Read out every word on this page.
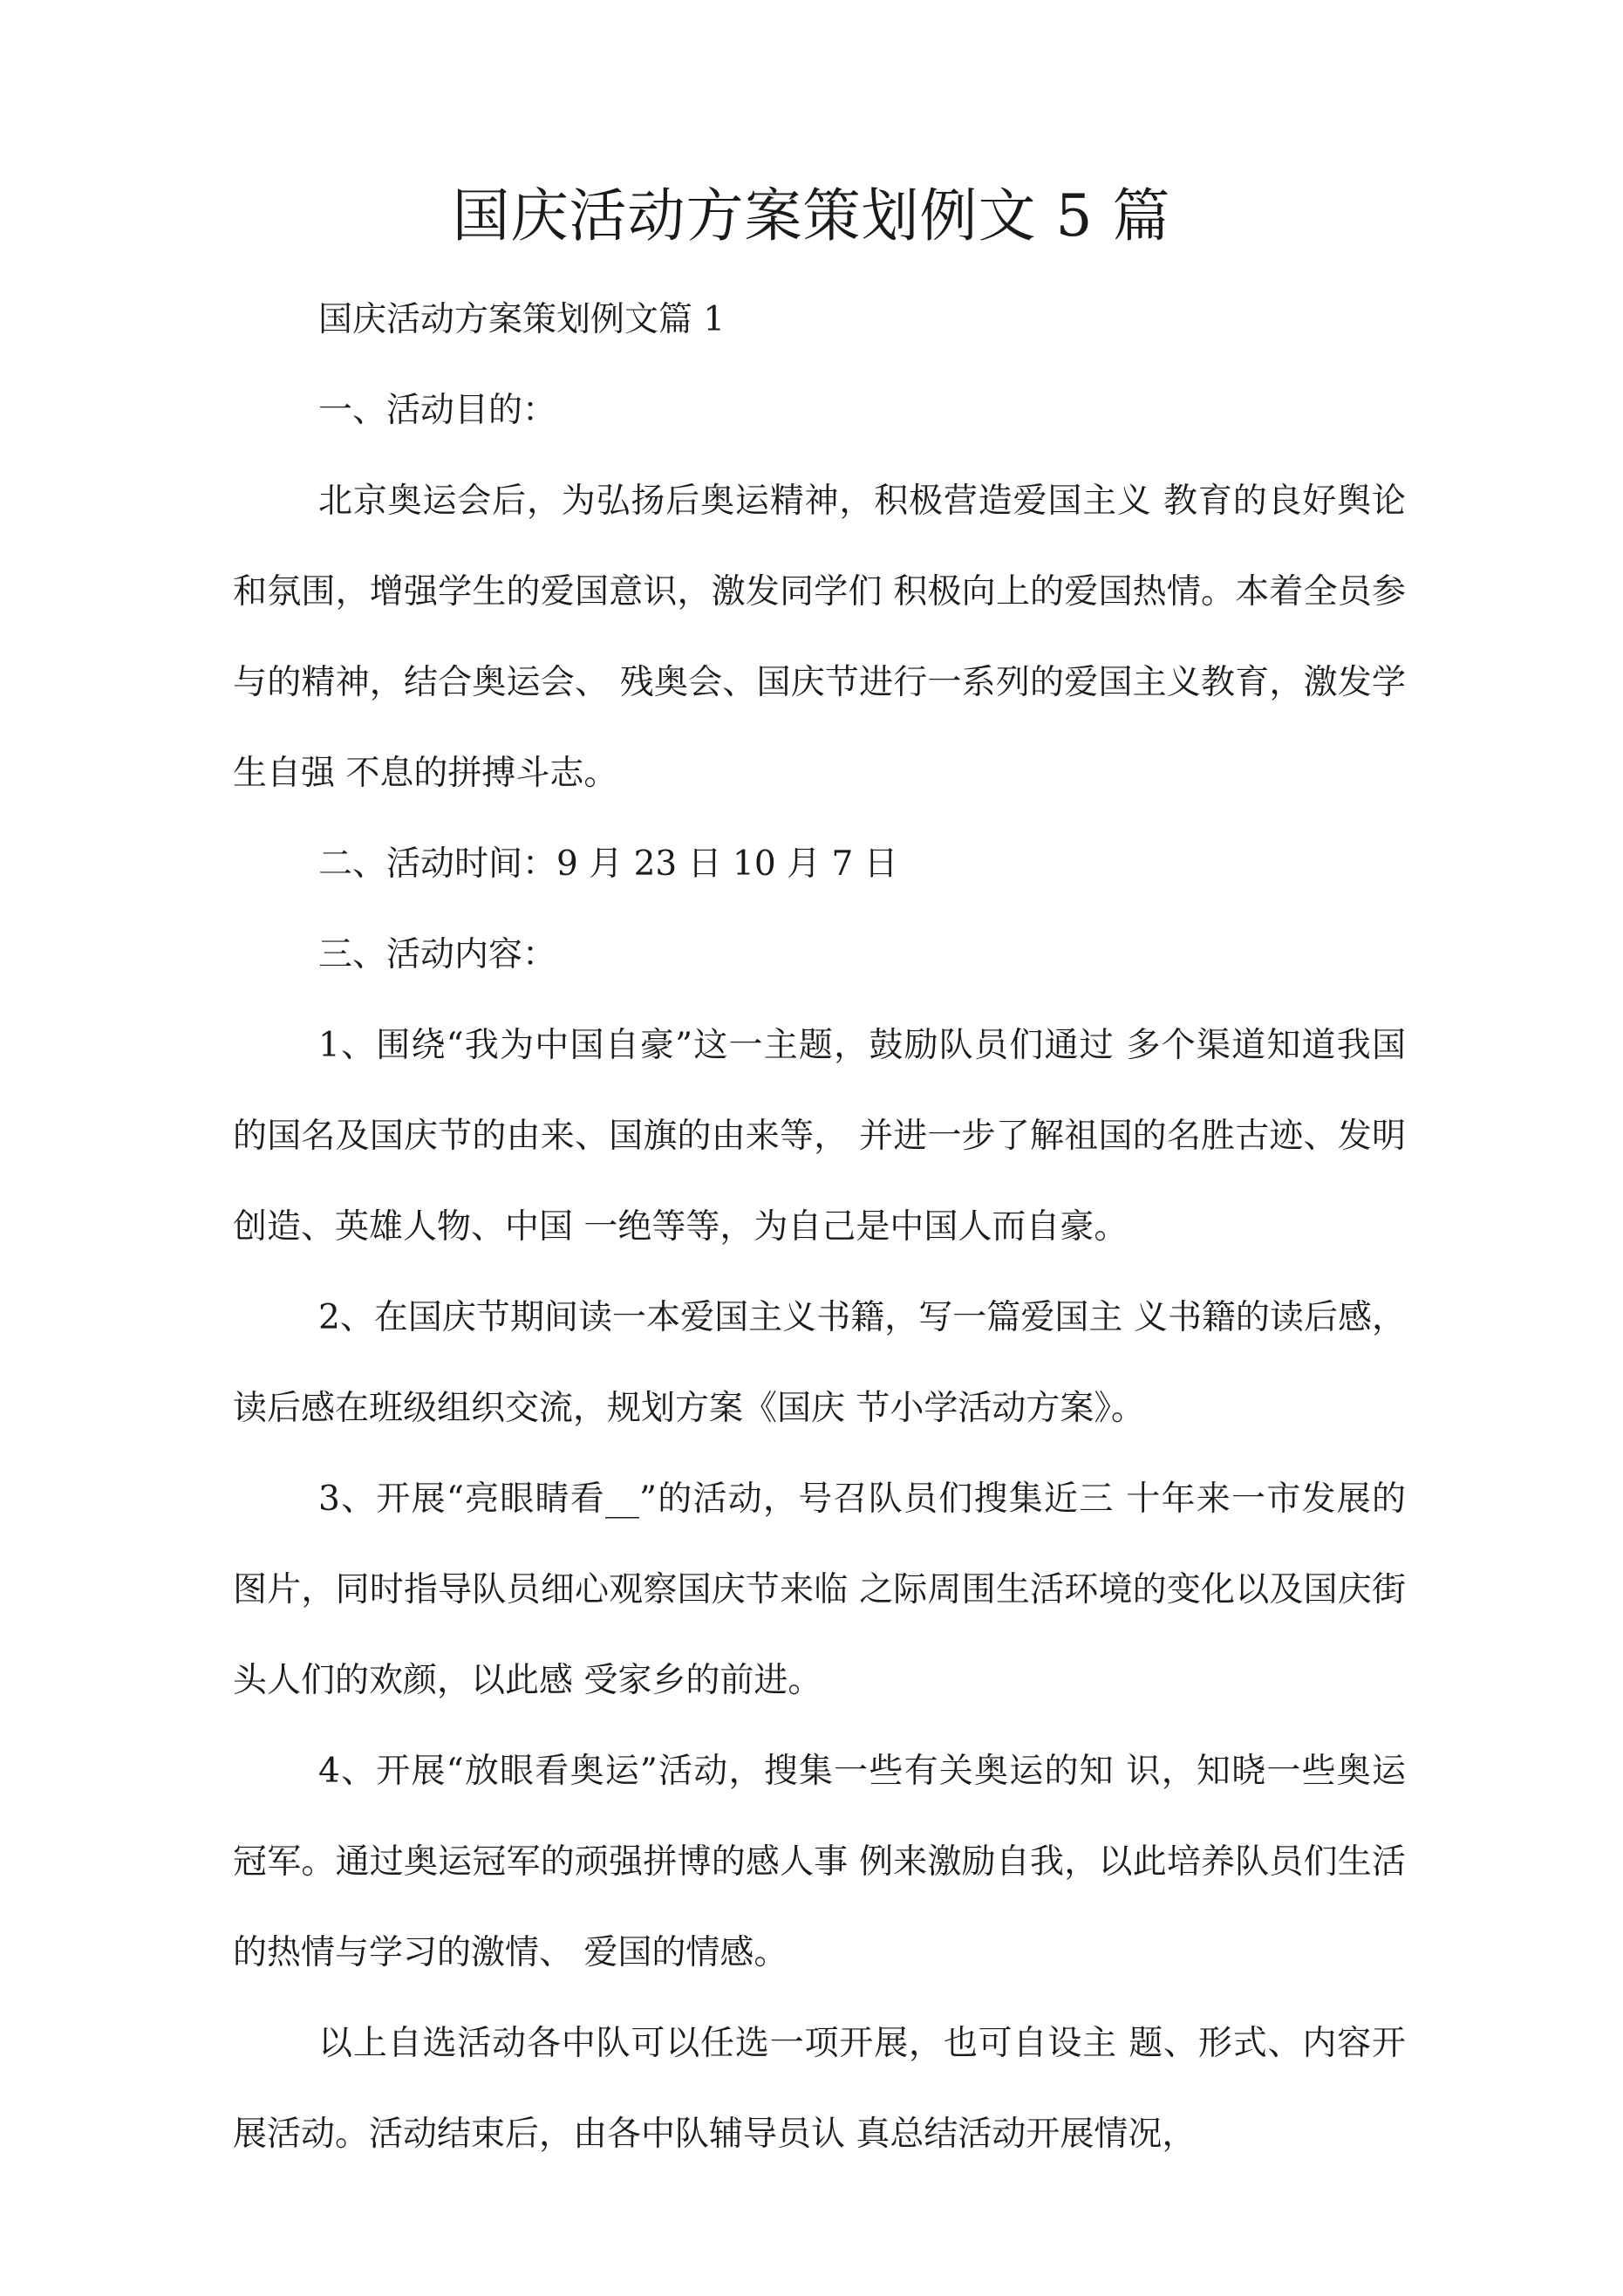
国庆活动方案策划例文 5 篇

国庆活动方案策划例文篇 1

一、活动目的：

北京奥运会后，为弘扬后奥运精神，积极营造爱国主义 教育的良好舆论和氛围，增强学生的爱国意识，激发同学们 积极向上的爱国热情。本着全员参与的精神，结合奥运会、 残奥会、国庆节进行一系列的爱国主义教育，激发学生自强 不息的拼搏斗志。

二、活动时间：9 月 23 日 10 月 7 日

三、活动内容：

1、围绕“我为中国自豪”这一主题，鼓励队员们通过 多个渠道知道我国的国名及国庆节的由来、国旗的由来等， 并进一步了解祖国的名胜古迹、发明创造、英雄人物、中国 一绝等等，为自己是中国人而自豪。

2、在国庆节期间读一本爱国主义书籍，写一篇爱国主 义书籍的读后感，读后感在班级组织交流，规划方案《国庆 节小学活动方案》。

3、开展“亮眼睛看__”的活动，号召队员们搜集近三 十年来一市发展的图片，同时指导队员细心观察国庆节来临 之际周围生活环境的变化以及国庆街头人们的欢颜，以此感 受家乡的前进。

4、开展“放眼看奥运”活动，搜集一些有关奥运的知 识，知晓一些奥运冠军。通过奥运冠军的顽强拼博的感人事 例来激励自我，以此培养队员们生活的热情与学习的激情、 爱国的情感。

以上自选活动各中队可以任选一项开展，也可自设主 题、形式、内容开展活动。活动结束后，由各中队辅导员认 真总结活动开展情况，
